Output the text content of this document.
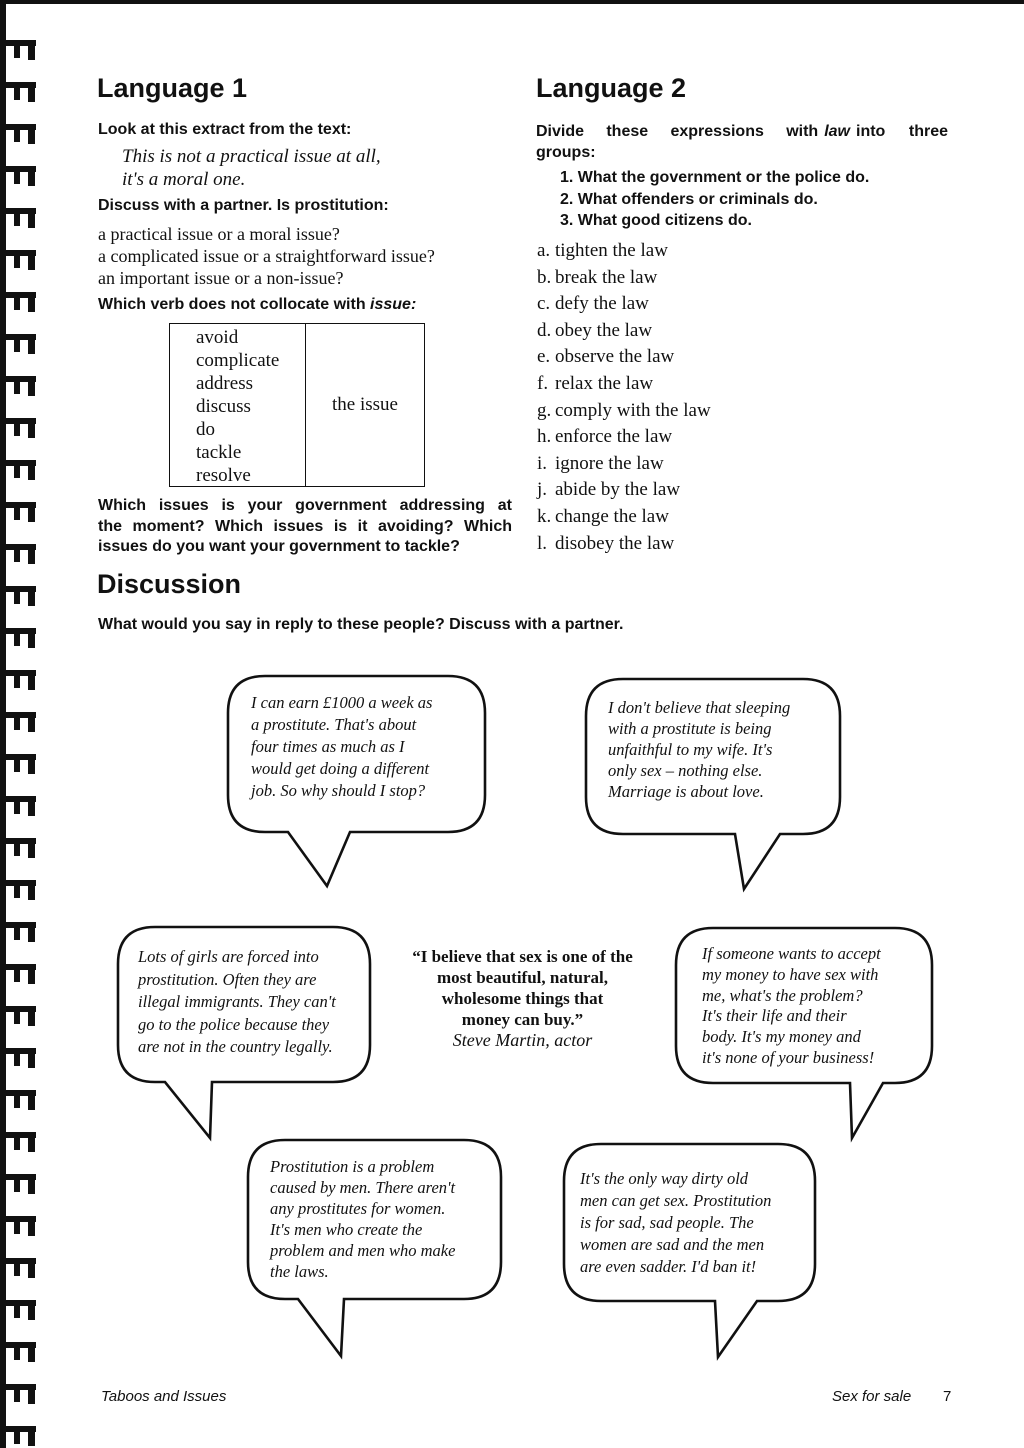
Language 1
Look at this extract from the text:
This is not a practical issue at all,
it's a moral one.
Discuss with a partner. Is prostitution:
a practical issue or a moral issue?
a complicated issue or a straightforward issue?
an important issue or a non-issue?
Which verb does not collocate with issue:
avoid
complicate
address
discuss
do
tackle
resolve
the issue
Which issues is your government addressing at
the moment? Which issues is it avoiding? Which
issues do you want your government to tackle?
Language 2
Divide these expressions with law into three
groups:
1. What the government or the police do.
2. What offenders or criminals do.
3. What good citizens do.
a. tighten the law
b. break the law
c. defy the law
d. obey the law
e. observe the law
f. relax the law
g. comply with the law
h. enforce the law
i. ignore the law
j. abide by the law
k. change the law
l. disobey the law
Discussion
What would you say in reply to these people? Discuss with a partner.
I can earn £1000 a week as
a prostitute. That's about
four times as much as I
would get doing a different
job. So why should I stop?
I don't believe that sleeping
with a prostitute is being
unfaithful to my wife. It's
only sex – nothing else.
Marriage is about love.
Lots of girls are forced into
prostitution. Often they are
illegal immigrants. They can't
go to the police because they
are not in the country legally.
If someone wants to accept
my money to have sex with
me, what's the problem?
It's their life and their
body. It's my money and
it's none of your business!
Prostitution is a problem
caused by men. There aren't
any prostitutes for women.
It's men who create the
problem and men who make
the laws.
It's the only way dirty old
men can get sex. Prostitution
is for sad, sad people. The
women are sad and the men
are even sadder. I'd ban it!
“I believe that sex is one of the
most beautiful, natural,
wholesome things that
money can buy.”
Steve Martin, actor
Taboos and Issues	Sex for sale 7
